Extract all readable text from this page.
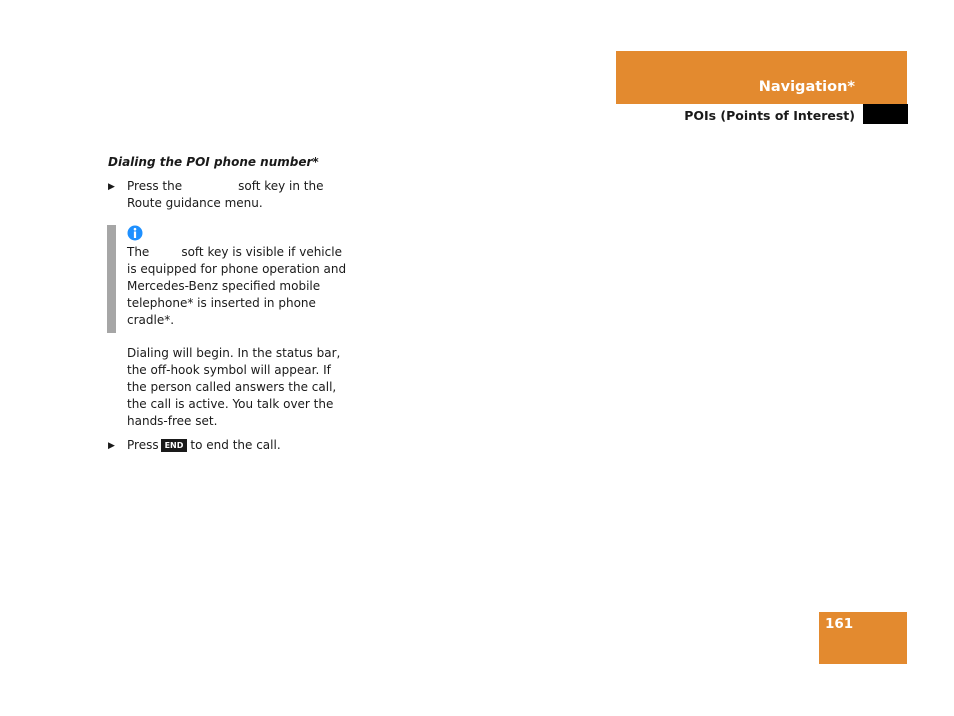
Navigation*
POIs (Points of Interest)
Dialing the POI phone number*
▶ Press the	soft key in the Route guidance menu.
The	soft key is visible if vehicle is equipped for phone operation and Mercedes-Benz specified mobile telephone* is inserted in phone cradle*.
Dialing will begin. In the status bar, the off-hook symbol will appear. If the person called answers the call, the call is active. You talk over the hands-free set.
▶ Press END to end the call.
161
